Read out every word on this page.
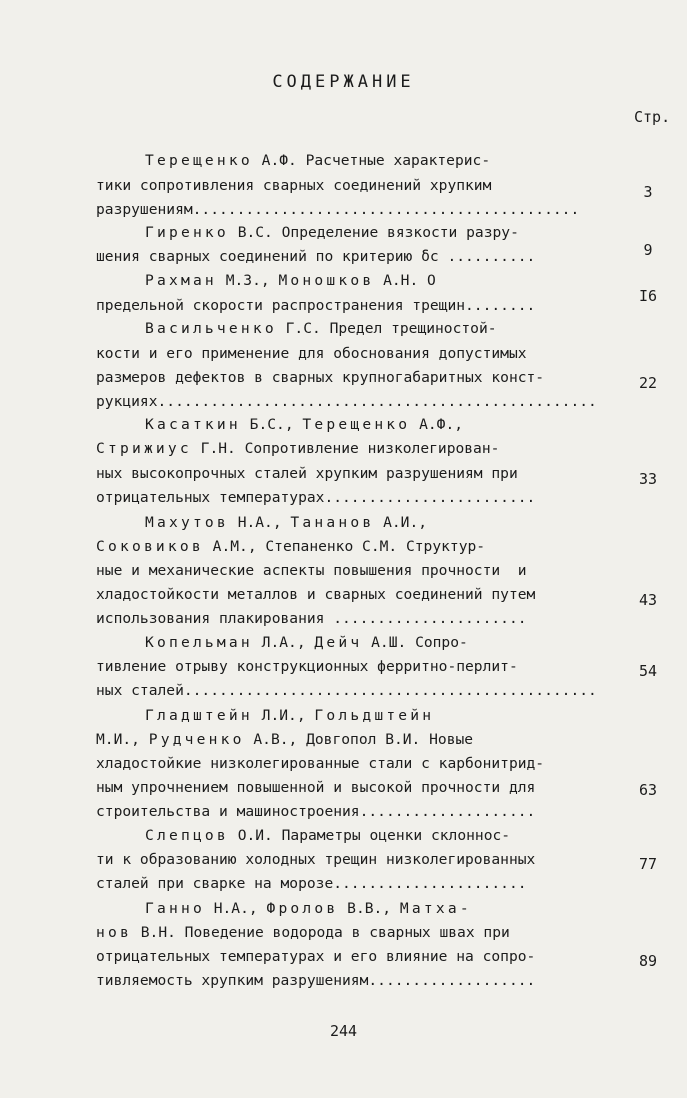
СОДЕРЖАНИЕ
Стр.
Терещенко А.Ф. Расчетные характерис-
тики сопротивления сварных соединений хрупким
разрушениям............................................
3
Гиренко В.С. Определение вязкости разру-
шения сварных соединений по критерию δc ..........	9
Рахман М.З., Моношков А.Н. О
предельной скорости распространения трещин........
I6
Васильченко Г.С. Предел трещиностой-
кости и его применение для обоснования допустимых
размеров дефектов в сварных крупногабаритных конст-
рукциях..................................................
22
Касаткин Б.С., Терещенко А.Ф.,
Стрижиус Г.Н. Сопротивление низколегирован-
ных высокопрочных сталей хрупким разрушениям при
отрицательных температурах........................
33
Махутов Н.А., Тананов А.И.,
Соковиков А.М., Степаненко С.М. Структур-
ные и механические аспекты повышения прочности  и
хладостойкости металлов и сварных соединений путем
использования плакирования ......................
43
Копельман Л.А., Дейч А.Ш. Сопро-
тивление отрыву конструкционных ферритно-перлит-
ных сталей...............................................
54
Гладштейн Л.И., Гольдштейн
М.И., Рудченко А.В., Довгопол В.И. Новые
хладостойкие низколегированные стали с карбонитрид-
ным упрочнением повышенной и высокой прочности для
строительства и машиностроения....................
63
Слепцов О.И. Параметры оценки склоннос-
ти к образованию холодных трещин низколегированных
сталей при сварке на морозе......................
77
Ганно Н.А., Фролов В.В., Матха-
нов В.Н. Поведение водорода в сварных швах при
отрицательных температурах и его влияние на сопро-
тивляемость хрупким разрушениям...................
89
244
